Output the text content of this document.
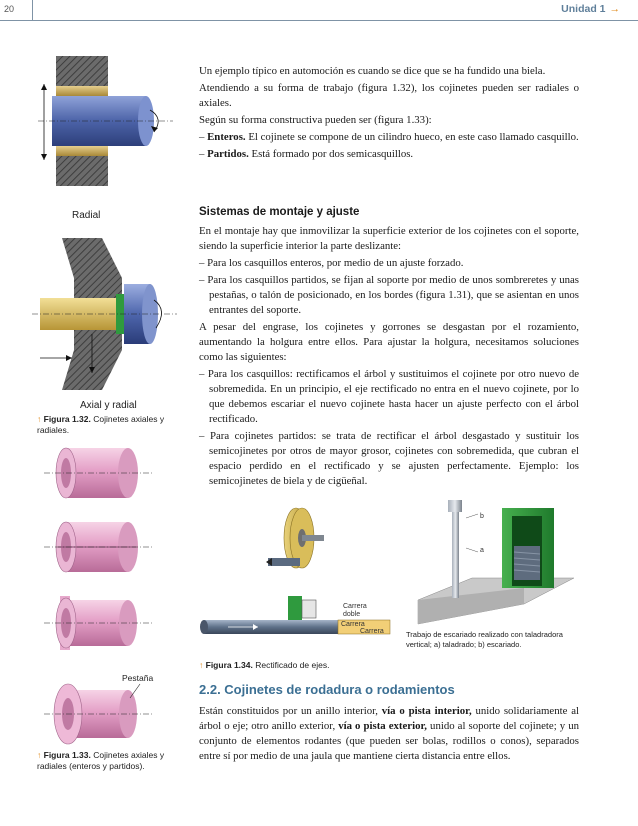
20	Unidad 1 →
Radial
Axial y radial
↑ Figura 1.32. Cojinetes axiales y radiales.
Pestaña
↑ Figura 1.33. Cojinetes axiales y radiales (enteros y partidos).

Un ejemplo típico en automoción es cuando se dice que se ha fundido una biela.

Atendiendo a su forma de trabajo (figura 1.32), los cojinetes pueden ser radiales o axiales.

Según su forma constructiva pueden ser (figura 1.33):

– Enteros. El cojinete se compone de un cilindro hueco, en este caso llamado casquillo.

– Partidos. Está formado por dos semicasquillos.

Sistemas de montaje y ajuste

En el montaje hay que inmovilizar la superficie exterior de los cojinetes con el soporte, siendo la superficie interior la parte deslizante:

– Para los casquillos enteros, por medio de un ajuste forzado.

– Para los casquillos partidos, se fijan al soporte por medio de unos sombreretes y unas pestañas, o talón de posicionado, en los bordes (figura 1.31), que se asientan en unos entrantes del soporte.

A pesar del engrase, los cojinetes y gorrones se desgastan por el rozamiento, aumentando la holgura entre ellos. Para ajustar la holgura, necesitamos soluciones como las siguientes:

– Para los casquillos: rectificamos el árbol y sustituimos el cojinete por otro nuevo de sobremedida. En un principio, el eje rectificado no entra en el nuevo cojinete, por lo que debemos escariar el nuevo cojinete hasta hacer un ajuste perfecto con el árbol rectificado.

– Para cojinetes partidos: se trata de rectificar el árbol desgastado y sustituir los semicojinetes por otros de mayor grosor, cojinetes con sobremedida, que cubran el espacio perdido en el rectificado y se ajusten perfectamente. Ejemplo: los semicojinetes de biela y de cigüeñal.

Carrera doble
Carrera
Carrera
b
a
Trabajo de escariado realizado con taladradora vertical; a) taladrado; b) escariado.
↑ Figura 1.34. Rectificado de ejes.
2.2. Cojinetes de rodadura o rodamientos

Están constituidos por un anillo interior, vía o pista interior, unido solidariamente al árbol o eje; otro anillo exterior, vía o pista exterior, unido al soporte del cojinete; y un conjunto de elementos rodantes (que pueden ser bolas, rodillos o conos), separados entre sí por medio de una jaula que mantiene cierta distancia entre ellos.
